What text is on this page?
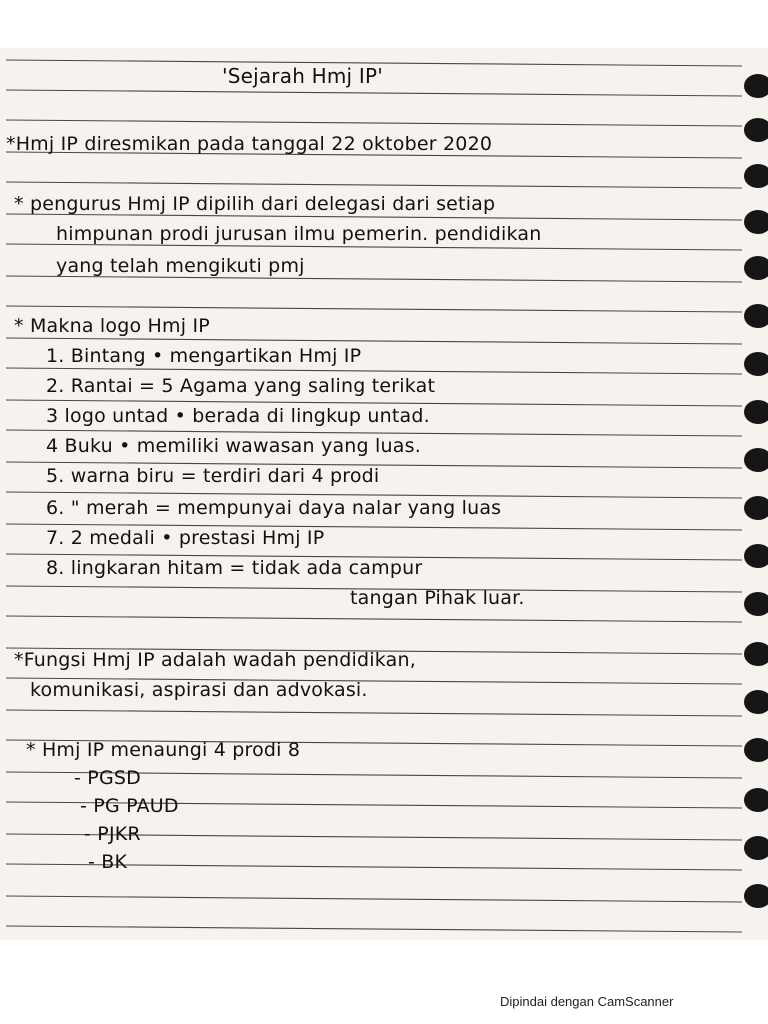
'Sejarah Hmj IP'
*Hmj IP diresmikan pada tanggal 22 oktober 2020
* pengurus Hmj IP dipilih dari delegasi dari setiap
himpunan prodi jurusan ilmu pemerin. pendidikan
yang telah mengikuti pmj
* Makna logo Hmj IP
1. Bintang • mengartikan Hmj IP
2. Rantai = 5 Agama yang saling terikat
3 logo untad • berada di lingkup untad.
4 Buku • memiliki wawasan yang luas.
5. warna biru = terdiri dari 4 prodi
6. " merah = mempunyai daya nalar yang luas
7. 2 medali • prestasi Hmj IP
8. lingkaran hitam = tidak ada campur
tangan Pihak luar.
*Fungsi Hmj IP adalah wadah pendidikan,
komunikasi, aspirasi dan advokasi.
* Hmj IP menaungi 4 prodi 8
- PGSD
- PG PAUD
- PJKR
- BK
Dipindai dengan CamScanner
